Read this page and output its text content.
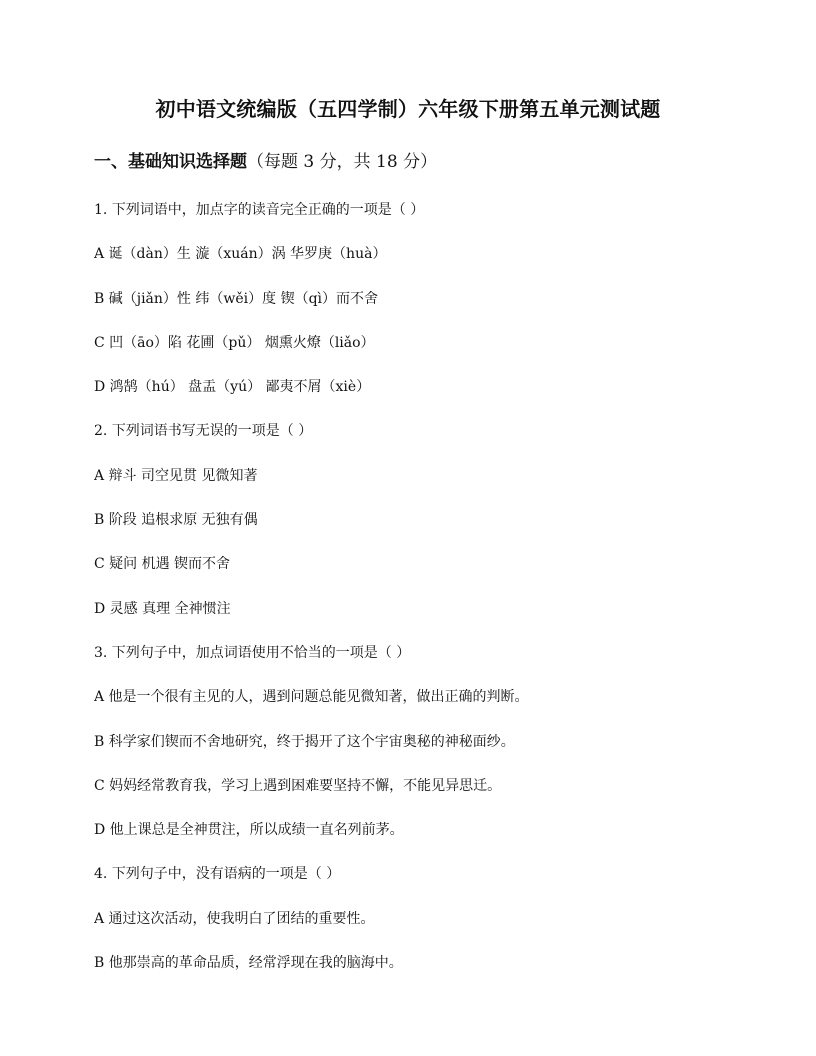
初中语文统编版（五四学制）六年级下册第五单元测试题
一、基础知识选择题（每题 3 分，共 18 分）
1. 下列词语中，加点字的读音完全正确的一项是（ ）
A 诞（dàn）生 漩（xuán）涡 华罗庚（huà）
B 碱（jiǎn）性 纬（wěi）度 锲（qì）而不舍
C 凹（āo）陷 花圃（pǔ） 烟熏火燎（liǎo）
D 鸿鹄（hú） 盘盂（yú） 鄙夷不屑（xiè）
2. 下列词语书写无误的一项是（ ）
A 辩斗 司空见贯 见微知著
B 阶段 追根求原 无独有偶
C 疑问 机遇 锲而不舍
D 灵感 真理 全神惯注
3. 下列句子中，加点词语使用不恰当的一项是（ ）
A 他是一个很有主见的人，遇到问题总能见微知著，做出正确的判断。
B 科学家们锲而不舍地研究，终于揭开了这个宇宙奥秘的神秘面纱。
C 妈妈经常教育我，学习上遇到困难要坚持不懈，不能见异思迁。
D 他上课总是全神贯注，所以成绩一直名列前茅。
4. 下列句子中，没有语病的一项是（ ）
A 通过这次活动，使我明白了团结的重要性。
B 他那崇高的革命品质，经常浮现在我的脑海中。
